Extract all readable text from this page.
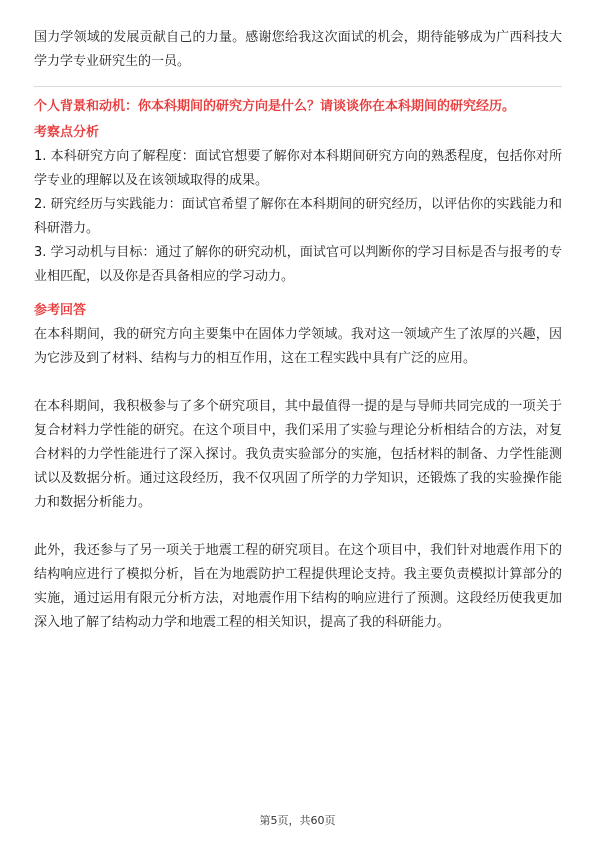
国力学领域的发展贡献自己的力量。感谢您给我这次面试的机会，期待能够成为广西科技大学力学专业研究生的一员。

个人背景和动机：你本科期间的研究方向是什么？请谈谈你在本科期间的研究经历。
考察点分析

1. 本科研究方向了解程度：面试官想要了解你对本科期间研究方向的熟悉程度，包括你对所学专业的理解以及在该领域取得的成果。

2. 研究经历与实践能力：面试官希望了解你在本科期间的研究经历，以评估你的实践能力和科研潜力。

3. 学习动机与目标：通过了解你的研究动机，面试官可以判断你的学习目标是否与报考的专业相匹配，以及你是否具备相应的学习动力。

参考回答

在本科期间，我的研究方向主要集中在固体力学领域。我对这一领域产生了浓厚的兴趣，因为它涉及到了材料、结构与力的相互作用，这在工程实践中具有广泛的应用。

在本科期间，我积极参与了多个研究项目，其中最值得一提的是与导师共同完成的一项关于复合材料力学性能的研究。在这个项目中，我们采用了实验与理论分析相结合的方法，对复合材料的力学性能进行了深入探讨。我负责实验部分的实施，包括材料的制备、力学性能测试以及数据分析。通过这段经历，我不仅巩固了所学的力学知识，还锻炼了我的实验操作能力和数据分析能力。

此外，我还参与了另一项关于地震工程的研究项目。在这个项目中，我们针对地震作用下的结构响应进行了模拟分析，旨在为地震防护工程提供理论支持。我主要负责模拟计算部分的实施，通过运用有限元分析方法，对地震作用下结构的响应进行了预测。这段经历使我更加深入地了解了结构动力学和地震工程的相关知识，提高了我的科研能力。

第5页，共60页
